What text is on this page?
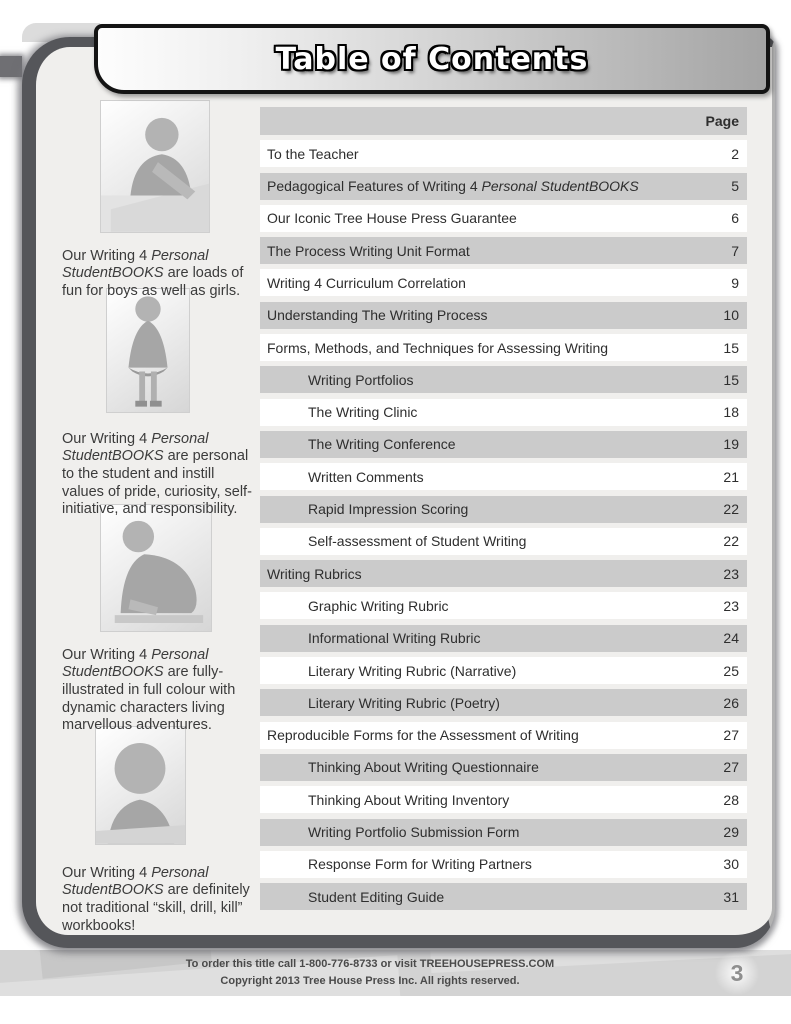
Table of Contents

Our Writing 4 Personal StudentBOOKS are loads of fun for boys as well as girls.

Our Writing 4 Personal StudentBOOKS are personal to the student and instill values of pride, curiosity, self-initiative, and responsibility.

Our Writing 4 Personal StudentBOOKS are fully-illustrated in full colour with dynamic characters living marvellous adventures.

Our Writing 4 Personal StudentBOOKS are definitely not traditional “skill, drill, kill” workbooks!

Page
To the Teacher	2
Pedagogical Features of Writing 4 Personal StudentBOOKS	5
Our Iconic Tree House Press Guarantee	6
The Process Writing Unit Format	7
Writing 4 Curriculum Correlation	9
Understanding The Writing Process	10
Forms, Methods, and Techniques for Assessing Writing	15
Writing Portfolios	15
The Writing Clinic	18
The Writing Conference	19
Written Comments	21
Rapid Impression Scoring	22
Self-assessment of Student Writing	22
Writing Rubrics	23
Graphic Writing Rubric	23
Informational Writing Rubric	24
Literary Writing Rubric (Narrative)	25
Literary Writing Rubric (Poetry)	26
Reproducible Forms for the Assessment of Writing	27
Thinking About Writing Questionnaire	27
Thinking About Writing Inventory	28
Writing Portfolio Submission Form	29
Response Form for Writing Partners	30
Student Editing Guide	31
To order this title call 1-800-776-8733 or visit TREEHOUSEPRESS.COM
Copyright 2013 Tree House Press Inc. All rights reserved.	3
